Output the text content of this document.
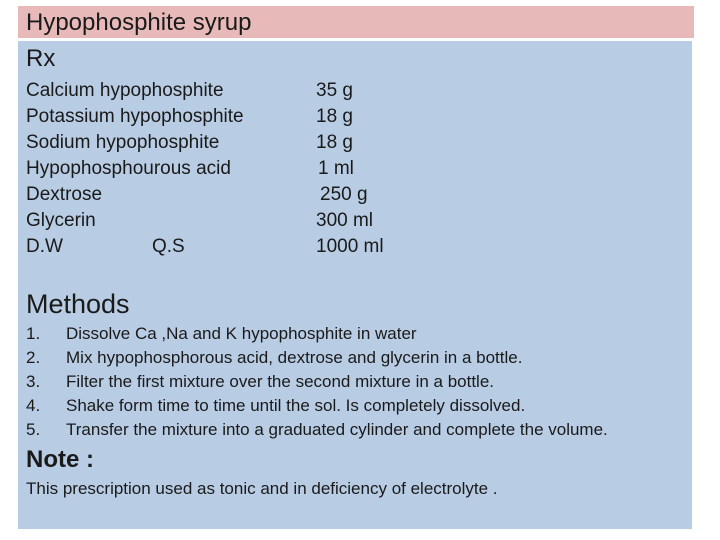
Hypophosphite syrup
Rx
Calcium hypophosphite	35 g
Potassium hypophosphite	18 g
Sodium hypophosphite	18 g
Hypophosphourous acid	1 ml
Dextrose	250 g
Glycerin	300 ml
D.W	Q.S	1000 ml
Methods
1. Dissolve Ca ,Na and K hypophosphite in water
2. Mix hypophosphorous acid, dextrose and glycerin in a bottle.
3. Filter the first mixture over the second mixture in a bottle.
4. Shake form time to time until the sol. Is completely dissolved.
5. Transfer the mixture into a graduated cylinder and complete the volume.
Note :
This prescription used as tonic and in deficiency of electrolyte .
